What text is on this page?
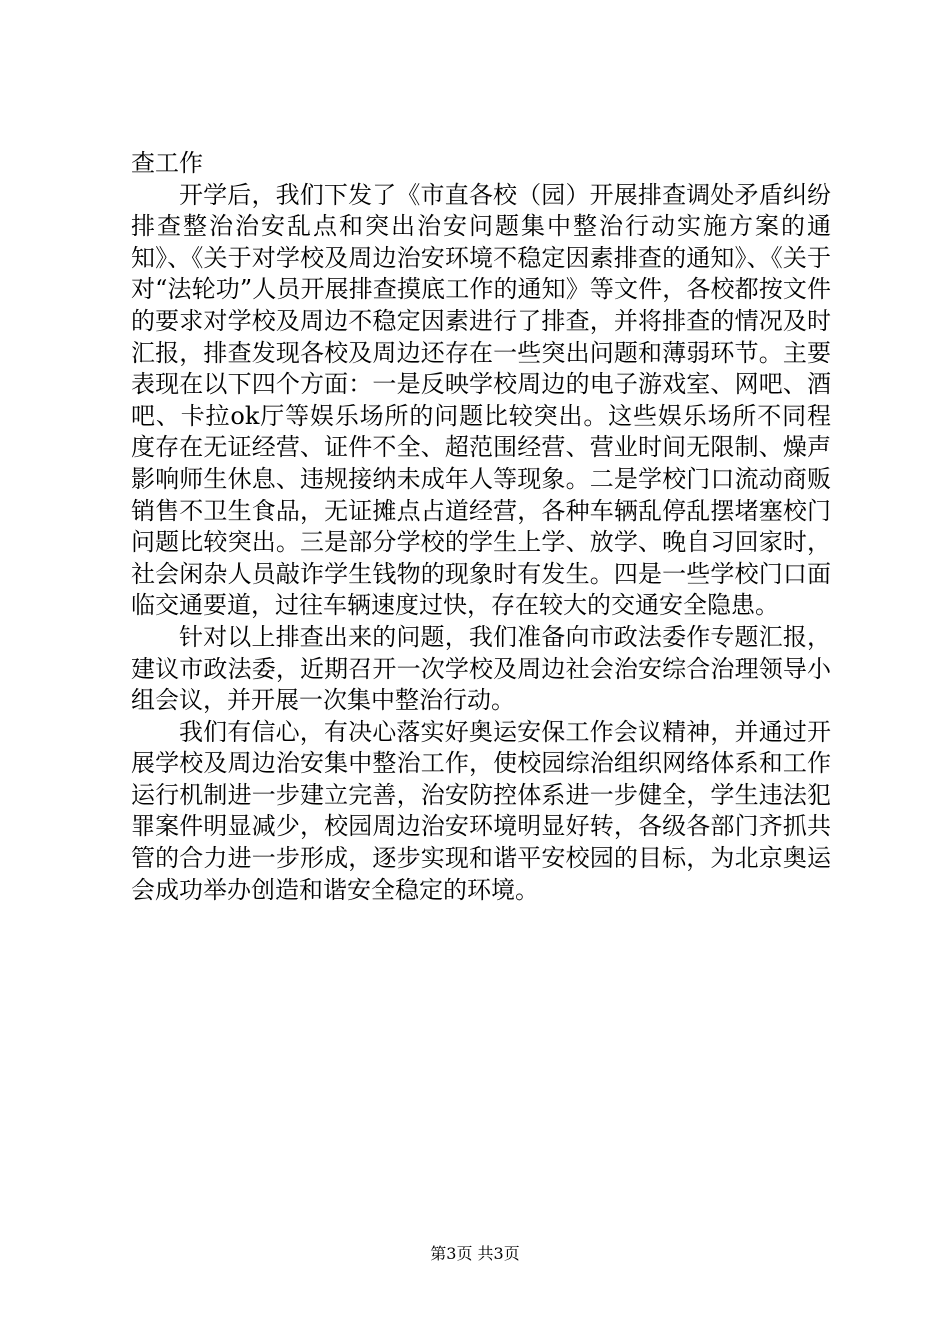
查工作

开学后，我们下发了《市直各校（园）开展排查调处矛盾纠纷排查整治治安乱点和突出治安问题集中整治行动实施方案的通知》、《关于对学校及周边治安环境不稳定因素排查的通知》、《关于对“法轮功”人员开展排查摸底工作的通知》等文件，各校都按文件的要求对学校及周边不稳定因素进行了排查，并将排查的情况及时汇报，排查发现各校及周边还存在一些突出问题和薄弱环节。主要表现在以下四个方面：一是反映学校周边的电子游戏室、网吧、酒吧、卡拉ok厅等娱乐场所的问题比较突出。这些娱乐场所不同程度存在无证经营、证件不全、超范围经营、营业时间无限制、燥声影响师生休息、违规接纳未成年人等现象。二是学校门口流动商贩销售不卫生食品，无证摊点占道经营，各种车辆乱停乱摆堵塞校门问题比较突出。三是部分学校的学生上学、放学、晚自习回家时，社会闲杂人员敲诈学生钱物的现象时有发生。四是一些学校门口面临交通要道，过往车辆速度过快，存在较大的交通安全隐患。

针对以上排查出来的问题，我们准备向市政法委作专题汇报，建议市政法委，近期召开一次学校及周边社会治安综合治理领导小组会议，并开展一次集中整治行动。

我们有信心，有决心落实好奥运安保工作会议精神，并通过开展学校及周边治安集中整治工作，使校园综治组织网络体系和工作运行机制进一步建立完善，治安防控体系进一步健全，学生违法犯罪案件明显减少，校园周边治安环境明显好转，各级各部门齐抓共管的合力进一步形成，逐步实现和谐平安校园的目标，为北京奥运会成功举办创造和谐安全稳定的环境。

第3页 共3页
